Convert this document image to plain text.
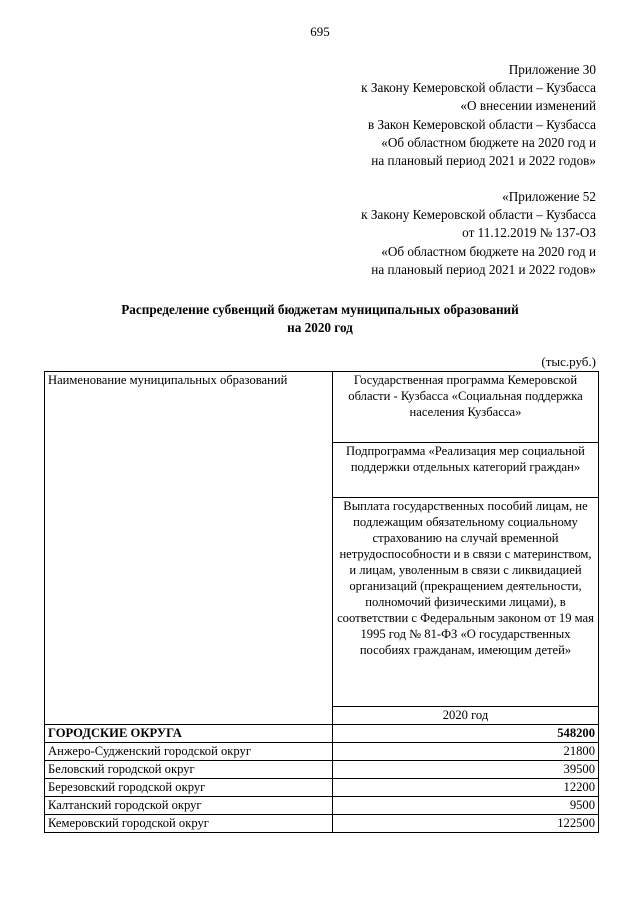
695
Приложение 30
к Закону Кемеровской области – Кузбасса
«О внесении изменений
в Закон Кемеровской области – Кузбасса
«Об областном бюджете на 2020 год и
на плановый период 2021 и 2022 годов»
«Приложение 52
к Закону Кемеровской области – Кузбасса
от 11.12.2019 № 137-ОЗ
«Об областном бюджете на 2020 год и
на плановый период 2021 и 2022 годов»
Распределение субвенций бюджетам муниципальных образований
на 2020 год
(тыс.руб.)
Наименование муниципальных образований	Государственная программа Кемеровской области - Кузбасса «Социальная поддержка населения Кузбасса»
	Подпрограмма «Реализация мер социальной поддержки отдельных категорий граждан»
	Выплата государственных пособий лицам, не подлежащим обязательному социальному страхованию на случай временной нетрудоспособности и в связи с материнством, и лицам, уволенным в связи с ликвидацией организаций (прекращением деятельности, полномочий физическими лицами), в соответствии с Федеральным законом от 19 мая 1995 год № 81-ФЗ «О государственных пособиях гражданам, имеющим детей»
	2020 год
ГОРОДСКИЕ ОКРУГА	548200
Анжеро-Судженский городской округ	21800
Беловский городской округ	39500
Березовский городской округ	12200
Калтанский городской округ	9500
Кемеровский городской округ	122500
